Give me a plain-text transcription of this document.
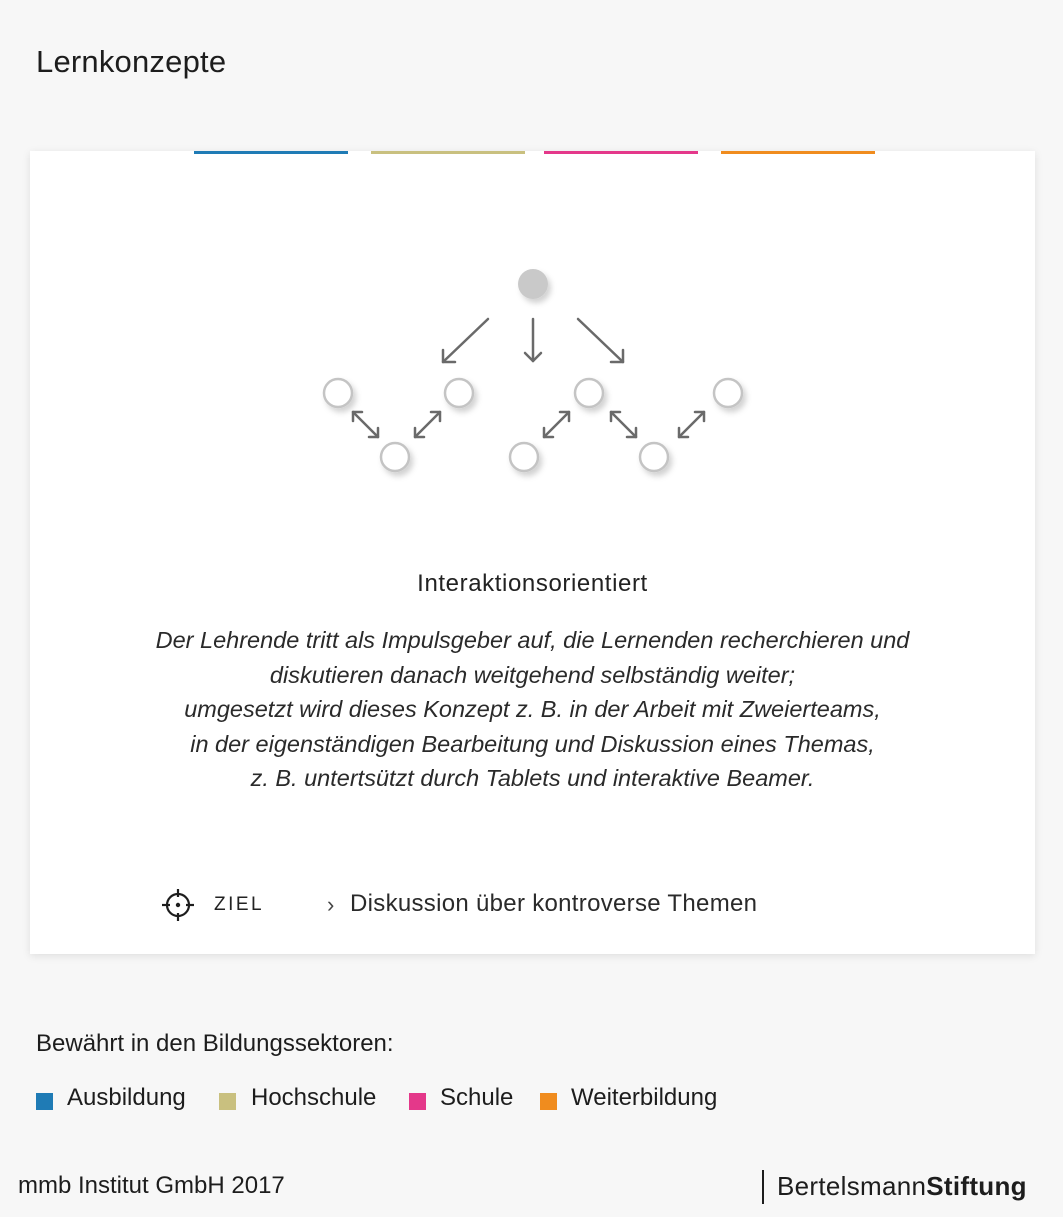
Lernkonzepte
Interaktionsorientiert
Der Lehrende tritt als Impulsgeber auf, die Lernenden recherchieren und
diskutieren danach weitgehend selbständig weiter;
umgesetzt wird dieses Konzept z. B. in der Arbeit mit Zweierteams,
in der eigenständigen Bearbeitung und Diskussion eines Themas,
z. B. untertsützt durch Tablets und interaktive Beamer.
ZIEL	› Diskussion über kontroverse Themen
Bewährt in den Bildungssektoren:
Ausbildung	Hochschule	Schule Weiterbildung
mmb Institut GmbH 2017	BertelsmannStiftung
